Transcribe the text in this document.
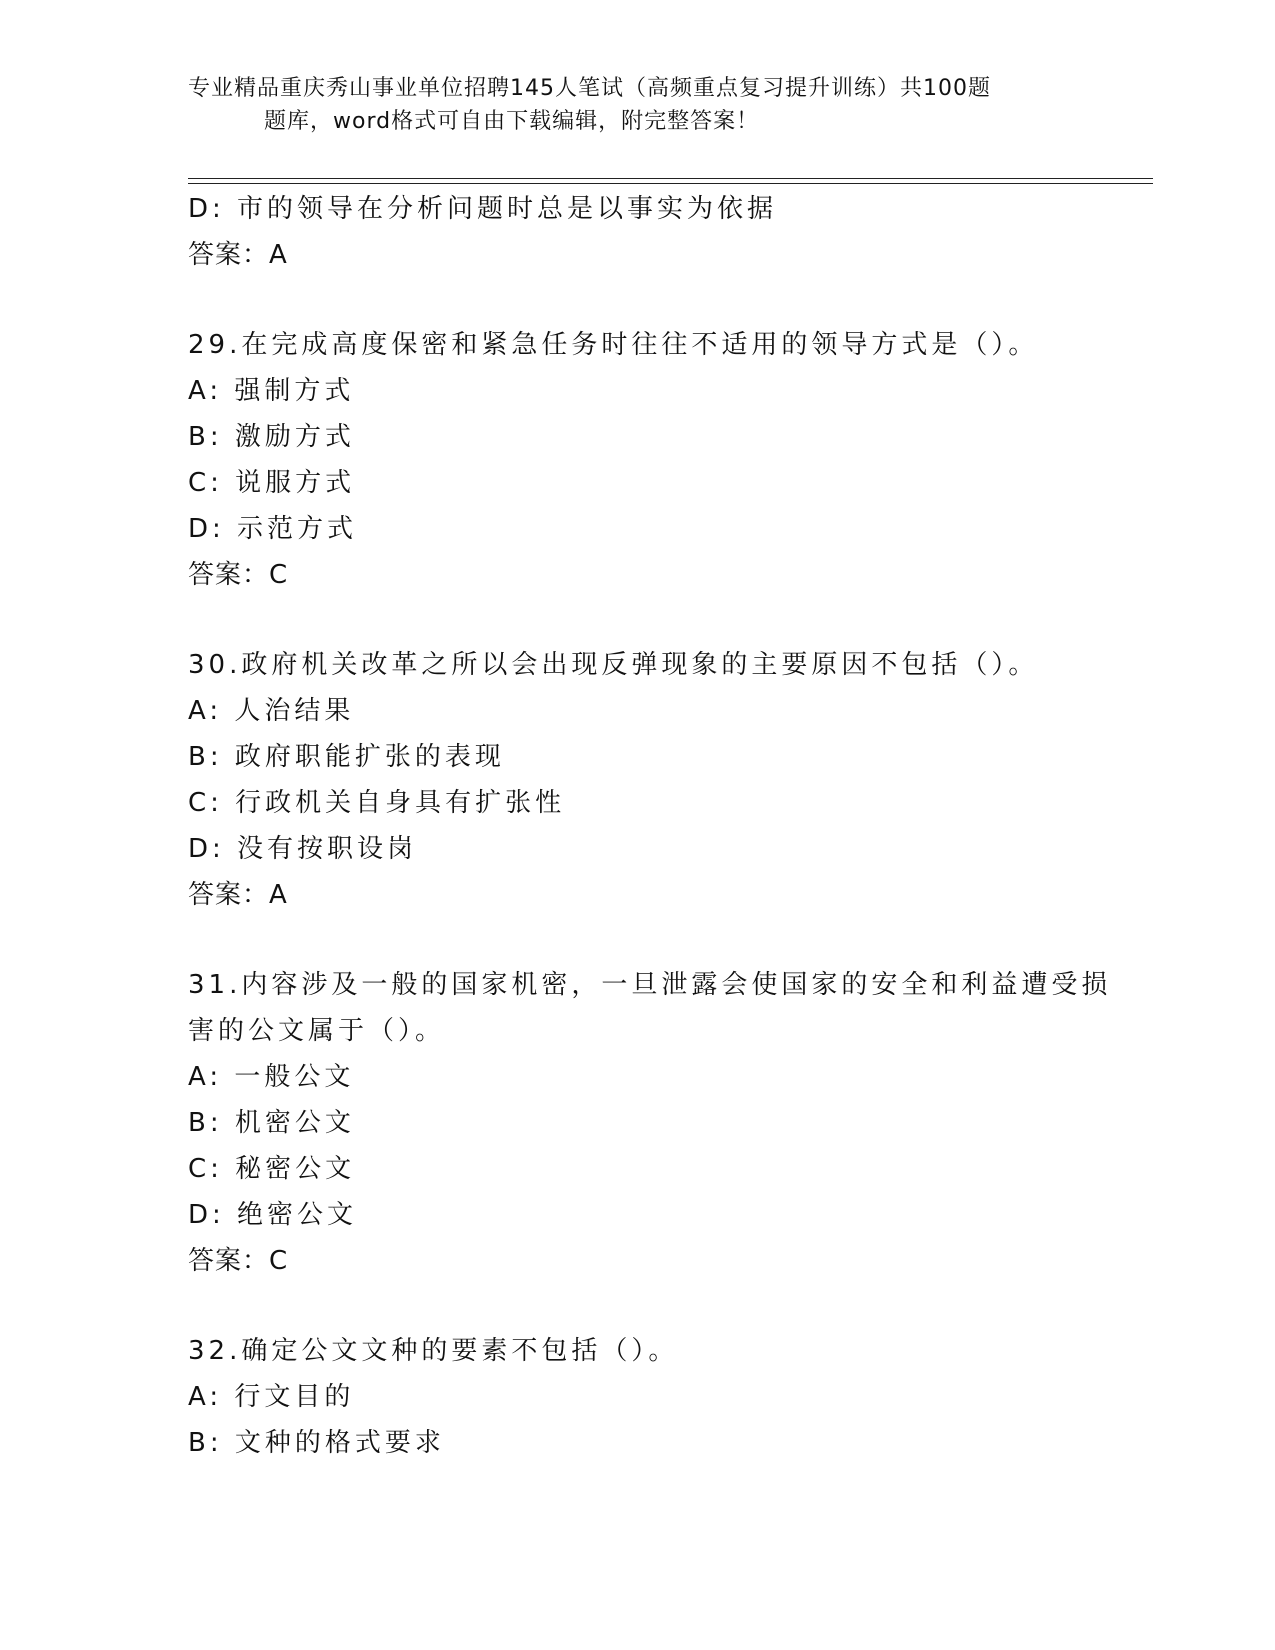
专业精品重庆秀山事业单位招聘145人笔试（高频重点复习提升训练）共100题
题库，word格式可自由下载编辑，附完整答案！
D: 市的领导在分析问题时总是以事实为依据
答案：A
29.在完成高度保密和紧急任务时往往不适用的领导方式是（）。
A: 强制方式
B: 激励方式
C: 说服方式
D: 示范方式
答案：C
30.政府机关改革之所以会出现反弹现象的主要原因不包括（）。
A: 人治结果
B: 政府职能扩张的表现
C: 行政机关自身具有扩张性
D: 没有按职设岗
答案：A
31.内容涉及一般的国家机密，一旦泄露会使国家的安全和利益遭受损
害的公文属于（）。
A: 一般公文
B: 机密公文
C: 秘密公文
D: 绝密公文
答案：C
32.确定公文文种的要素不包括（）。
A: 行文目的
B: 文种的格式要求
